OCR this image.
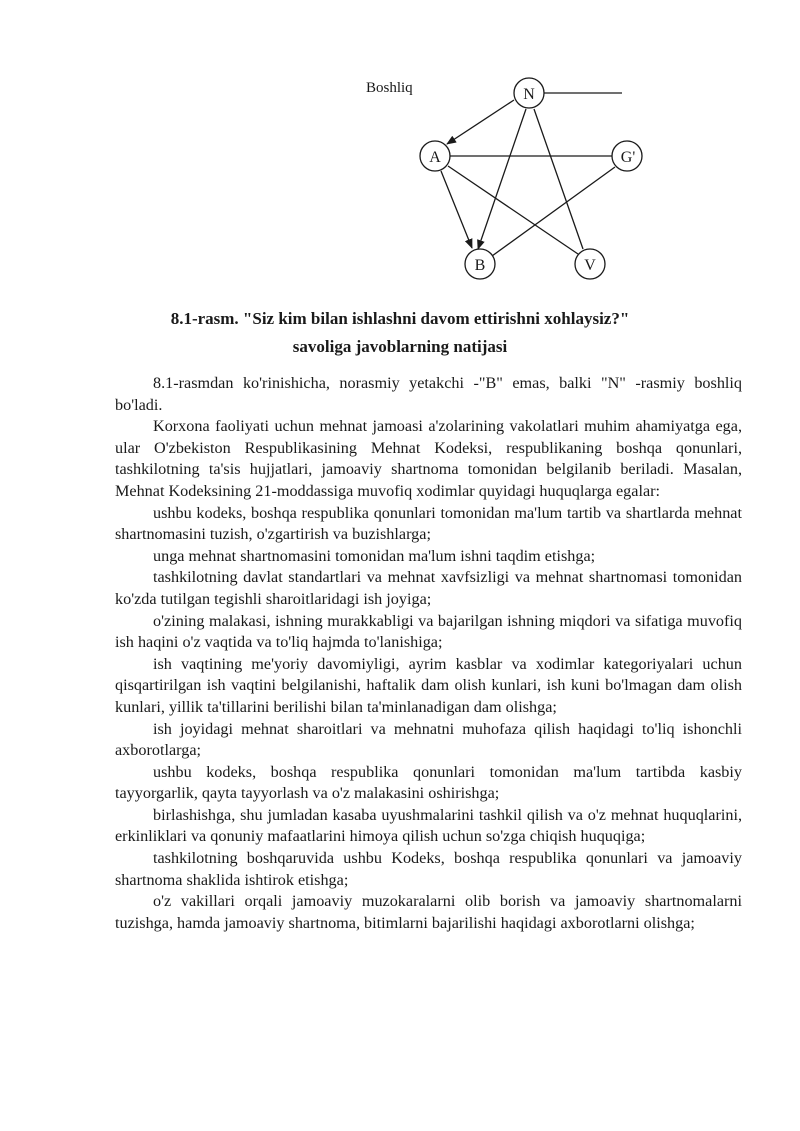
Boshliq	N
A	G'
B	V
8.1-rasm. "Siz kim bilan ishlashni davom ettirishni xohlaysiz?"
savoliga javoblarning natijasi

8.1-rasmdan ko'rinishicha, norasmiy yetakchi -"B" emas, balki "N" -rasmiy boshliq bo'ladi.

Korxona faoliyati uchun mehnat jamoasi a'zolarining vakolatlari muhim ahamiyatga ega, ular O'zbekiston Respublikasining Mehnat Kodeksi, respublikaning boshqa qonunlari, tashkilotning ta'sis hujjatlari, jamoaviy shartnoma tomonidan belgilanib beriladi. Masalan, Mehnat Kodeksining 21-moddassiga muvofiq xodimlar quyidagi huquqlarga egalar:

ushbu kodeks, boshqa respublika qonunlari tomonidan ma'lum tartib va shartlarda mehnat shartnomasini tuzish, o'zgartirish va buzishlarga;

unga mehnat shartnomasini tomonidan ma'lum ishni taqdim etishga;

tashkilotning davlat standartlari va mehnat xavfsizligi va mehnat shartnomasi tomonidan ko'zda tutilgan tegishli sharoitlaridagi ish joyiga;

o'zining malakasi, ishning murakkabligi va bajarilgan ishning miqdori va sifatiga muvofiq ish haqini o'z vaqtida va to'liq hajmda to'lanishiga;

ish vaqtining me'yoriy davomiyligi, ayrim kasblar va xodimlar kategoriyalari uchun qisqartirilgan ish vaqtini belgilanishi, haftalik dam olish kunlari, ish kuni bo'lmagan dam olish kunlari, yillik ta'tillarini berilishi bilan ta'minlanadigan dam olishga;

ish joyidagi mehnat sharoitlari va mehnatni muhofaza qilish haqidagi to'liq ishonchli axborotlarga;

ushbu kodeks, boshqa respublika qonunlari tomonidan ma'lum tartibda kasbiy tayyorgarlik, qayta tayyorlash va o'z malakasini oshirishga;

birlashishga, shu jumladan kasaba uyushmalarini tashkil qilish va o'z mehnat huquqlarini, erkinliklari va qonuniy mafaatlarini himoya qilish uchun so'zga chiqish huquqiga;

tashkilotning boshqaruvida ushbu Kodeks, boshqa respublika qonunlari va jamoaviy shartnoma shaklida ishtirok etishga;

o'z vakillari orqali jamoaviy muzokaralarni olib borish va jamoaviy shartnomalarni tuzishga, hamda jamoaviy shartnoma, bitimlarni bajarilishi haqidagi axborotlarni olishga;
